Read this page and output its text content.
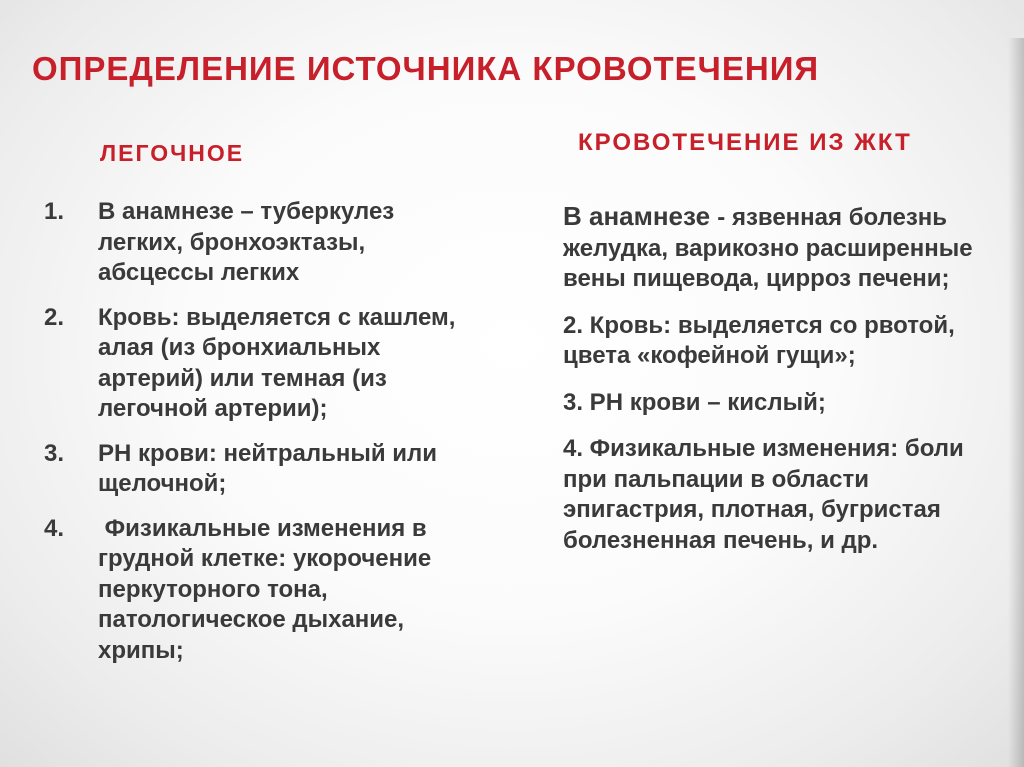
ОПРЕДЕЛЕНИЕ ИСТОЧНИКА КРОВОТЕЧЕНИЯ
ЛЕГОЧНОЕ	КРОВОТЕЧЕНИЕ ИЗ ЖКТ
1.	В анамнезе – туберкулез легких, бронхоэктазы, абсцессы легких
2.	Кровь: выделяется с кашлем, алая (из бронхиальных артерий) или темная (из легочной артерии);
3.	РН крови: нейтральный или щелочной;
4.	Физикальные изменения в грудной клетке: укорочение перкуторного тона, патологическое дыхание, хрипы;
В анамнезе - язвенная болезнь желудка, варикозно расширенные вены пищевода, цирроз печени;
2. Кровь: выделяется со рвотой, цвета «кофейной гущи»;
3. РН крови – кислый;
4. Физикальные изменения: боли при пальпации в области эпигастрия, плотная, бугристая болезненная печень, и др.
